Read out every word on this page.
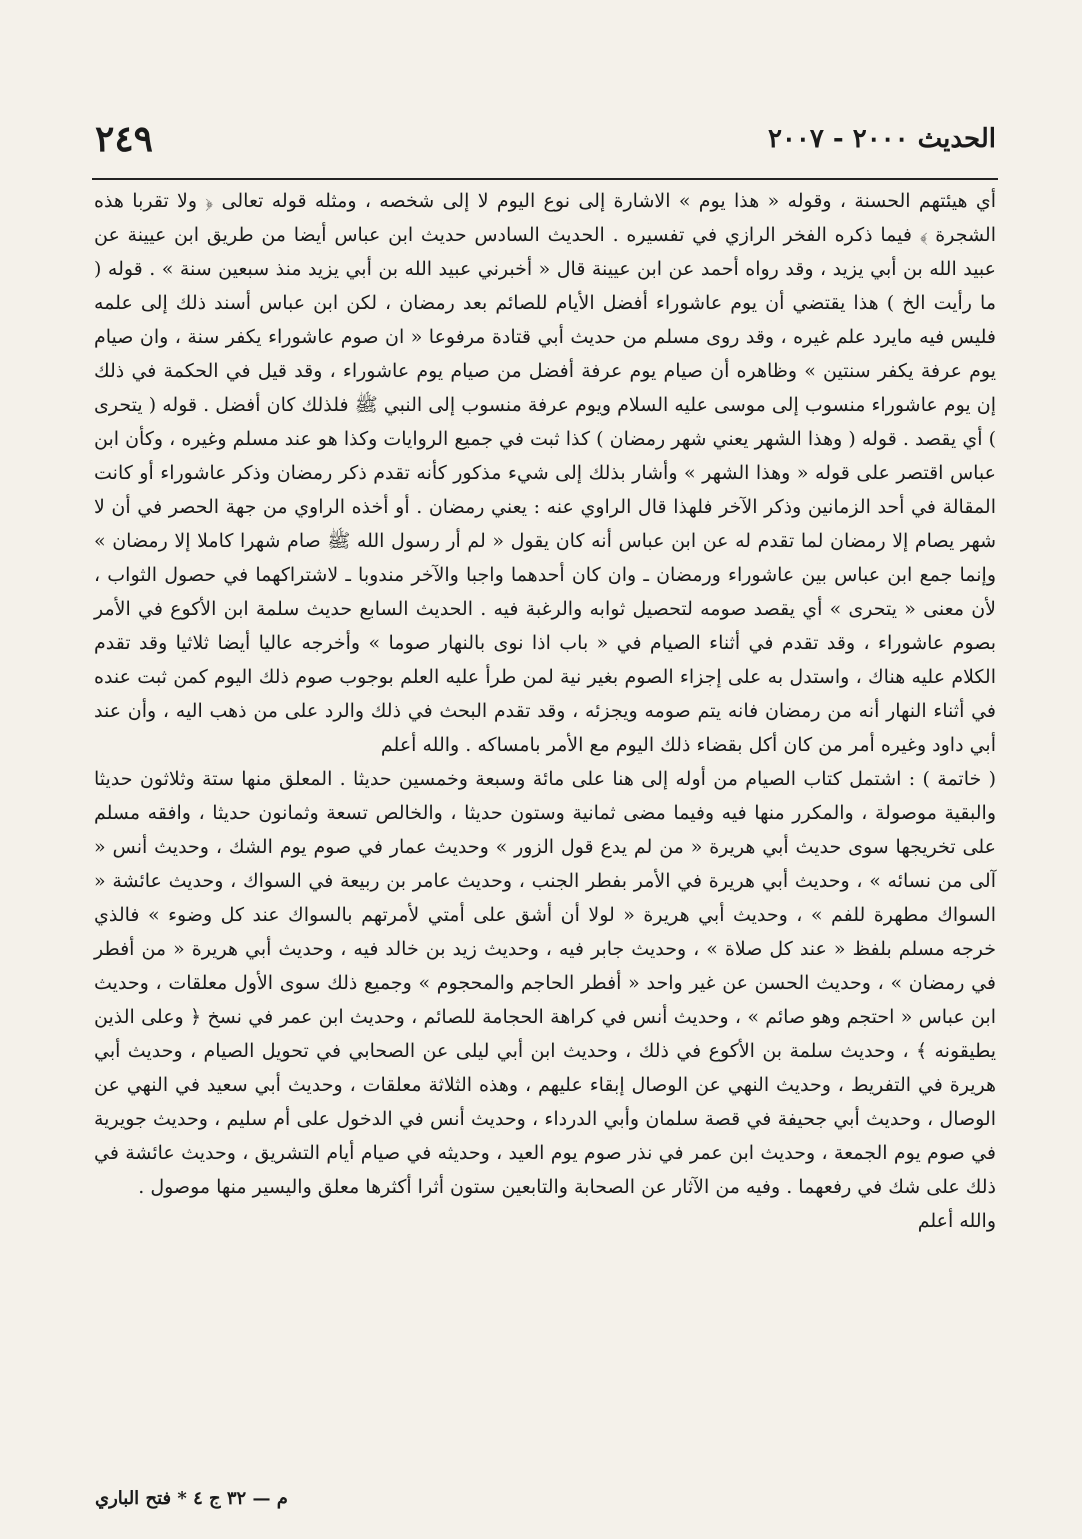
الحديث ٢٠٠٠ - ٢٠٠٧
٢٤٩

أي هيئتهم الحسنة ، وقوله « هذا يوم » الاشارة إلى نوع اليوم لا إلى شخصه ، ومثله قوله تعالى ﴿ ولا تقربا هذه الشجرة ﴾ فيما ذكره الفخر الرازي في تفسيره . الحديث السادس حديث ابن عباس أيضا من طريق ابن عيينة عن عبيد الله بن أبي يزيد ، وقد رواه أحمد عن ابن عيينة قال « أخبرني عبيد الله بن أبي يزيد منذ سبعين سنة » . قوله ( ما رأيت الخ ) هذا يقتضي أن يوم عاشوراء أفضل الأيام للصائم بعد رمضان ، لكن ابن عباس أسند ذلك إلى علمه فليس فيه مايرد علم غيره ، وقد روى مسلم من حديث أبي قتادة مرفوعا « ان صوم عاشوراء يكفر سنة ، وان صيام يوم عرفة يكفر سنتين » وظاهره أن صيام يوم عرفة أفضل من صيام يوم عاشوراء ، وقد قيل في الحكمة في ذلك إن يوم عاشوراء منسوب إلى موسى عليه السلام ويوم عرفة منسوب إلى النبي ﷺ فلذلك كان أفضل . قوله ( يتحرى ) أي يقصد . قوله ( وهذا الشهر يعني شهر رمضان ) كذا ثبت في جميع الروايات وكذا هو عند مسلم وغيره ، وكأن ابن عباس اقتصر على قوله « وهذا الشهر » وأشار بذلك إلى شيء مذكور كأنه تقدم ذكر رمضان وذكر عاشوراء أو كانت المقالة في أحد الزمانين وذكر الآخر فلهذا قال الراوي عنه : يعني رمضان . أو أخذه الراوي من جهة الحصر في أن لا شهر يصام إلا رمضان لما تقدم له عن ابن عباس أنه كان يقول « لم أر رسول الله ﷺ صام شهرا كاملا إلا رمضان » وإنما جمع ابن عباس بين عاشوراء ورمضان ـ وان كان أحدهما واجبا والآخر مندوبا ـ لاشتراكهما في حصول الثواب ، لأن معنى « يتحرى » أي يقصد صومه لتحصيل ثوابه والرغبة فيه . الحديث السابع حديث سلمة ابن الأكوع في الأمر بصوم عاشوراء ، وقد تقدم في أثناء الصيام في « باب اذا نوى بالنهار صوما » وأخرجه عاليا أيضا ثلاثيا وقد تقدم الكلام عليه هناك ، واستدل به على إجزاء الصوم بغير نية لمن طرأ عليه العلم بوجوب صوم ذلك اليوم كمن ثبت عنده في أثناء النهار أنه من رمضان فانه يتم صومه ويجزئه ، وقد تقدم البحث في ذلك والرد على من ذهب اليه ، وأن عند أبي داود وغيره أمر من كان أكل بقضاء ذلك اليوم مع الأمر بامساكه . والله أعلم

( خاتمة ) : اشتمل كتاب الصيام من أوله إلى هنا على مائة وسبعة وخمسين حديثا . المعلق منها ستة وثلاثون حديثا والبقية موصولة ، والمكرر منها فيه وفيما مضى ثمانية وستون حديثا ، والخالص تسعة وثمانون حديثا ، وافقه مسلم على تخريجها سوى حديث أبي هريرة « من لم يدع قول الزور » وحديث عمار في صوم يوم الشك ، وحديث أنس « آلى من نسائه » ، وحديث أبي هريرة في الأمر بفطر الجنب ، وحديث عامر بن ربيعة في السواك ، وحديث عائشة « السواك مطهرة للفم » ، وحديث أبي هريرة « لولا أن أشق على أمتي لأمرتهم بالسواك عند كل وضوء » فالذي خرجه مسلم بلفظ « عند كل صلاة » ، وحديث جابر فيه ، وحديث زيد بن خالد فيه ، وحديث أبي هريرة « من أفطر في رمضان » ، وحديث الحسن عن غير واحد « أفطر الحاجم والمحجوم » وجميع ذلك سوى الأول معلقات ، وحديث ابن عباس « احتجم وهو صائم » ، وحديث أنس في كراهة الحجامة للصائم ، وحديث ابن عمر في نسخ ﴿ وعلى الذين يطيقونه ﴾ ، وحديث سلمة بن الأكوع في ذلك ، وحديث ابن أبي ليلى عن الصحابي في تحويل الصيام ، وحديث أبي هريرة في التفريط ، وحديث النهي عن الوصال إبقاء عليهم ، وهذه الثلاثة معلقات ، وحديث أبي سعيد في النهي عن الوصال ، وحديث أبي جحيفة في قصة سلمان وأبي الدرداء ، وحديث أنس في الدخول على أم سليم ، وحديث جويرية في صوم يوم الجمعة ، وحديث ابن عمر في نذر صوم يوم العيد ، وحديثه في صيام أيام التشريق ، وحديث عائشة في ذلك على شك في رفعهما . وفيه من الآثار عن الصحابة والتابعين ستون أثرا أكثرها معلق واليسير منها موصول .

والله أعلم

م — ٣٢ ج ٤ * فتح الباري
